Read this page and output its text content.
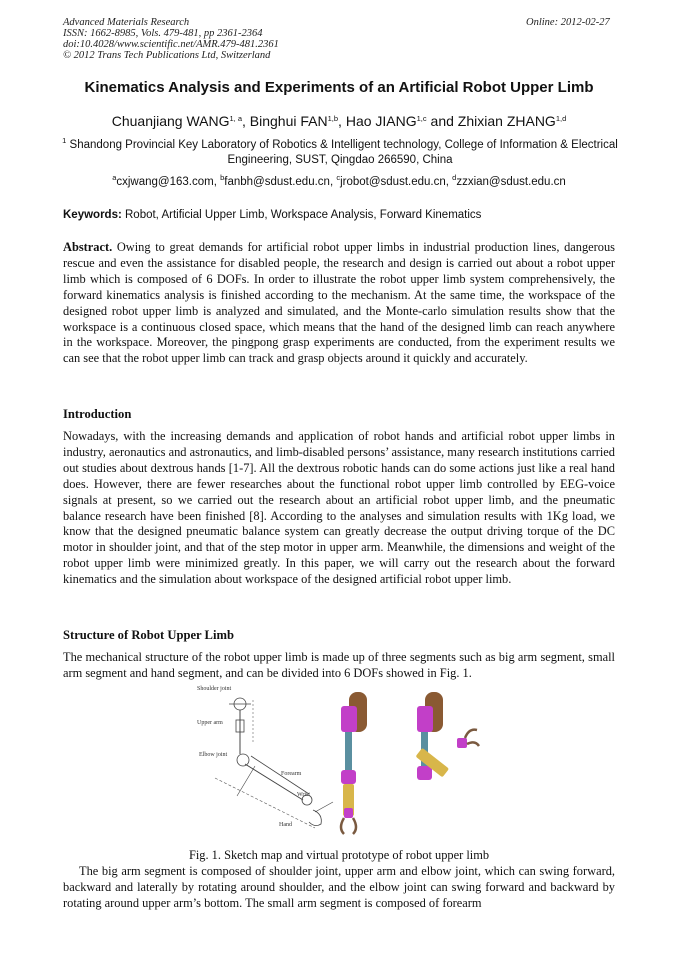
Advanced Materials Research
ISSN: 1662-8985, Vols. 479-481, pp 2361-2364
doi:10.4028/www.scientific.net/AMR.479-481.2361
© 2012 Trans Tech Publications Ltd, Switzerland
Online: 2012-02-27
Kinematics Analysis and Experiments of an Artificial Robot Upper Limb
Chuanjiang WANG$^{1, a}$, Binghui FAN$^{1,b}$, Hao JIANG$^{1,c}$ and Zhixian ZHANG$^{1,d}$
$^1$ Shandong Provincial Key Laboratory of Robotics & Intelligent technology, College of Information & Electrical Engineering, SUST, Qingdao 266590, China
$^a$cxjwang@163.com, $^b$fanbh@sdust.edu.cn, $^c$jrobot@sdust.edu.cn, $^d$zzxian@sdust.edu.cn
Keywords: Robot, Artificial Upper Limb, Workspace Analysis, Forward Kinematics
Abstract. Owing to great demands for artificial robot upper limbs in industrial production lines, dangerous rescue and even the assistance for disabled people, the research and design is carried out about a robot upper limb which is composed of 6 DOFs. In order to illustrate the robot upper limb system comprehensively, the forward kinematics analysis is finished according to the mechanism. At the same time, the workspace of the designed robot upper limb is analyzed and simulated, and the Monte-carlo simulation results show that the workspace is a continuous closed space, which means that the hand of the designed limb can reach anywhere in the workspace. Moreover, the pingpong grasp experiments are conducted, from the experiment results we can see that the robot upper limb can track and grasp objects around it quickly and accurately.
Introduction
Nowadays, with the increasing demands and application of robot hands and artificial robot upper limbs in industry, aeronautics and astronautics, and limb-disabled persons’ assistance, many research institutions carried out studies about dextrous hands [1-7]. All the dextrous robotic hands can do some actions just like a real hand does. However, there are fewer researches about the functional robot upper limb controlled by EEG-voice signals at present, so we carried out the research about an artificial robot upper limb, and the pneumatic balance research have been finished [8]. According to the analyses and simulation results with 1Kg load, we know that the designed pneumatic balance system can greatly decrease the output driving torque of the DC motor in shoulder joint, and that of the step motor in upper arm. Meanwhile, the dimensions and weight of the robot upper limb were minimized greatly. In this paper, we will carry out the research about the forward kinematics and the simulation about workspace of the designed artificial robot upper limb.
Structure of Robot Upper Limb
The mechanical structure of the robot upper limb is made up of three segments such as big arm segment, small arm segment and hand segment, and can be divided into 6 DOFs showed in Fig. 1.
Shoulder joint
Upper arm
Elbow joint
Forearm
Wrist
Hand
Fig. 1. Sketch map and virtual prototype of robot upper limb
The big arm segment is composed of shoulder joint, upper arm and elbow joint, which can swing forward, backward and laterally by rotating around shoulder, and the elbow joint can swing forward and backward by rotating around upper arm’s bottom. The small arm segment is composed of forearm
